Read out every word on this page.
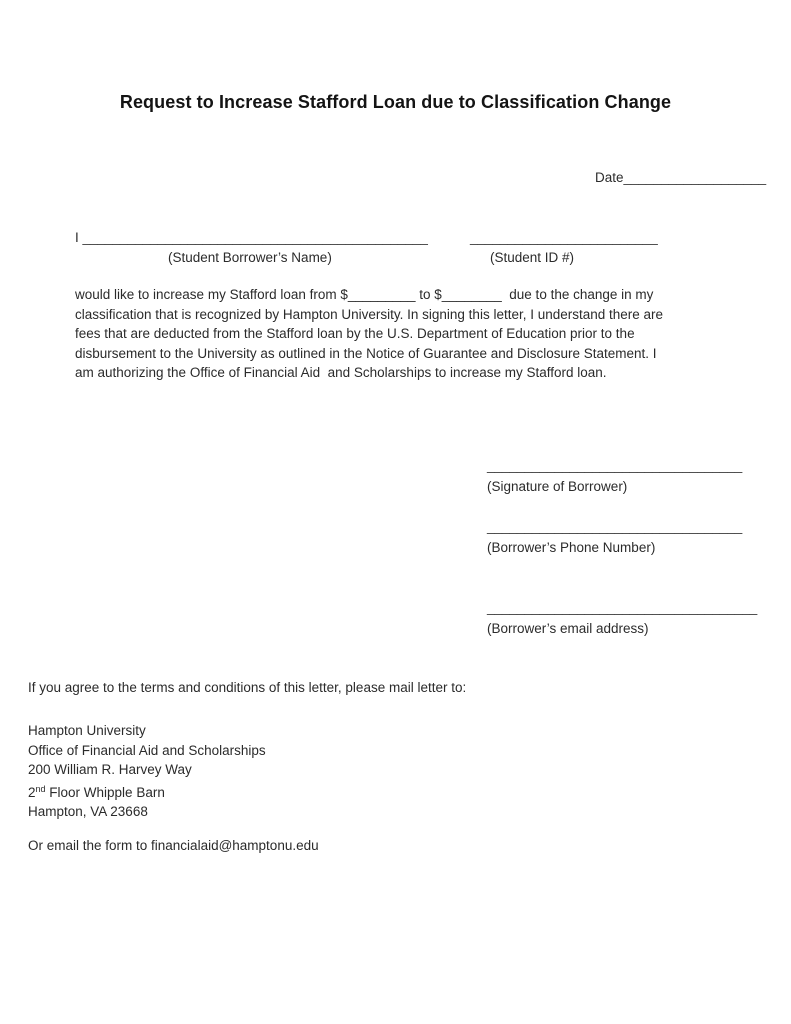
Request to Increase Stafford Loan due to Classification Change
Date___________________
I ______________________________________________	_________________________
(Student Borrower’s Name)	(Student ID #)
would like to increase my Stafford loan from $_________ to $________  due to the change in my
classification that is recognized by Hampton University. In signing this letter, I understand there are
fees that are deducted from the Stafford loan by the U.S. Department of Education prior to the
disbursement to the University as outlined in the Notice of Guarantee and Disclosure Statement. I
am authorizing the Office of Financial Aid  and Scholarships to increase my Stafford loan.
__________________________________
(Signature of Borrower)
__________________________________
(Borrower’s Phone Number)
____________________________________
(Borrower’s email address)
If you agree to the terms and conditions of this letter, please mail letter to:
Hampton University
Office of Financial Aid and Scholarships
200 William R. Harvey Way
2nd Floor Whipple Barn
Hampton, VA 23668
Or email the form to financialaid@hamptonu.edu
